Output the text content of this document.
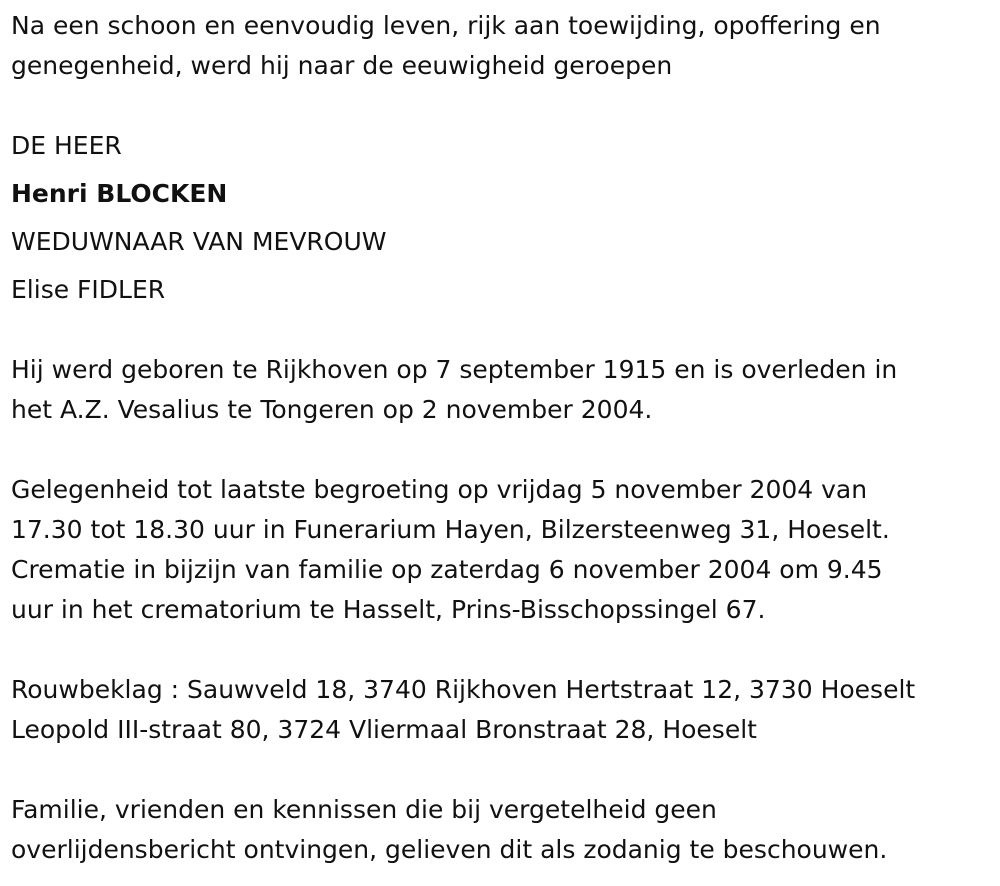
Na een schoon en eenvoudig leven, rijk aan toewijding, opoffering en
genegenheid, werd hij naar de eeuwigheid geroepen
DE HEER
Henri BLOCKEN
WEDUWNAAR VAN MEVROUW
Elise FIDLER
Hij werd geboren te Rijkhoven op 7 september 1915 en is overleden in
het A.Z. Vesalius te Tongeren op 2 november 2004.
Gelegenheid tot laatste begroeting op vrijdag 5 november 2004 van
17.30 tot 18.30 uur in Funerarium Hayen, Bilzersteenweg 31, Hoeselt.
Crematie in bijzijn van familie op zaterdag 6 november 2004 om 9.45
uur in het crematorium te Hasselt, Prins-Bisschopssingel 67.
Rouwbeklag : Sauwveld 18, 3740 Rijkhoven Hertstraat 12, 3730 Hoeselt
Leopold III-straat 80, 3724 Vliermaal Bronstraat 28, Hoeselt
Familie, vrienden en kennissen die bij vergetelheid geen
overlijdensbericht ontvingen, gelieven dit als zodanig te beschouwen.
